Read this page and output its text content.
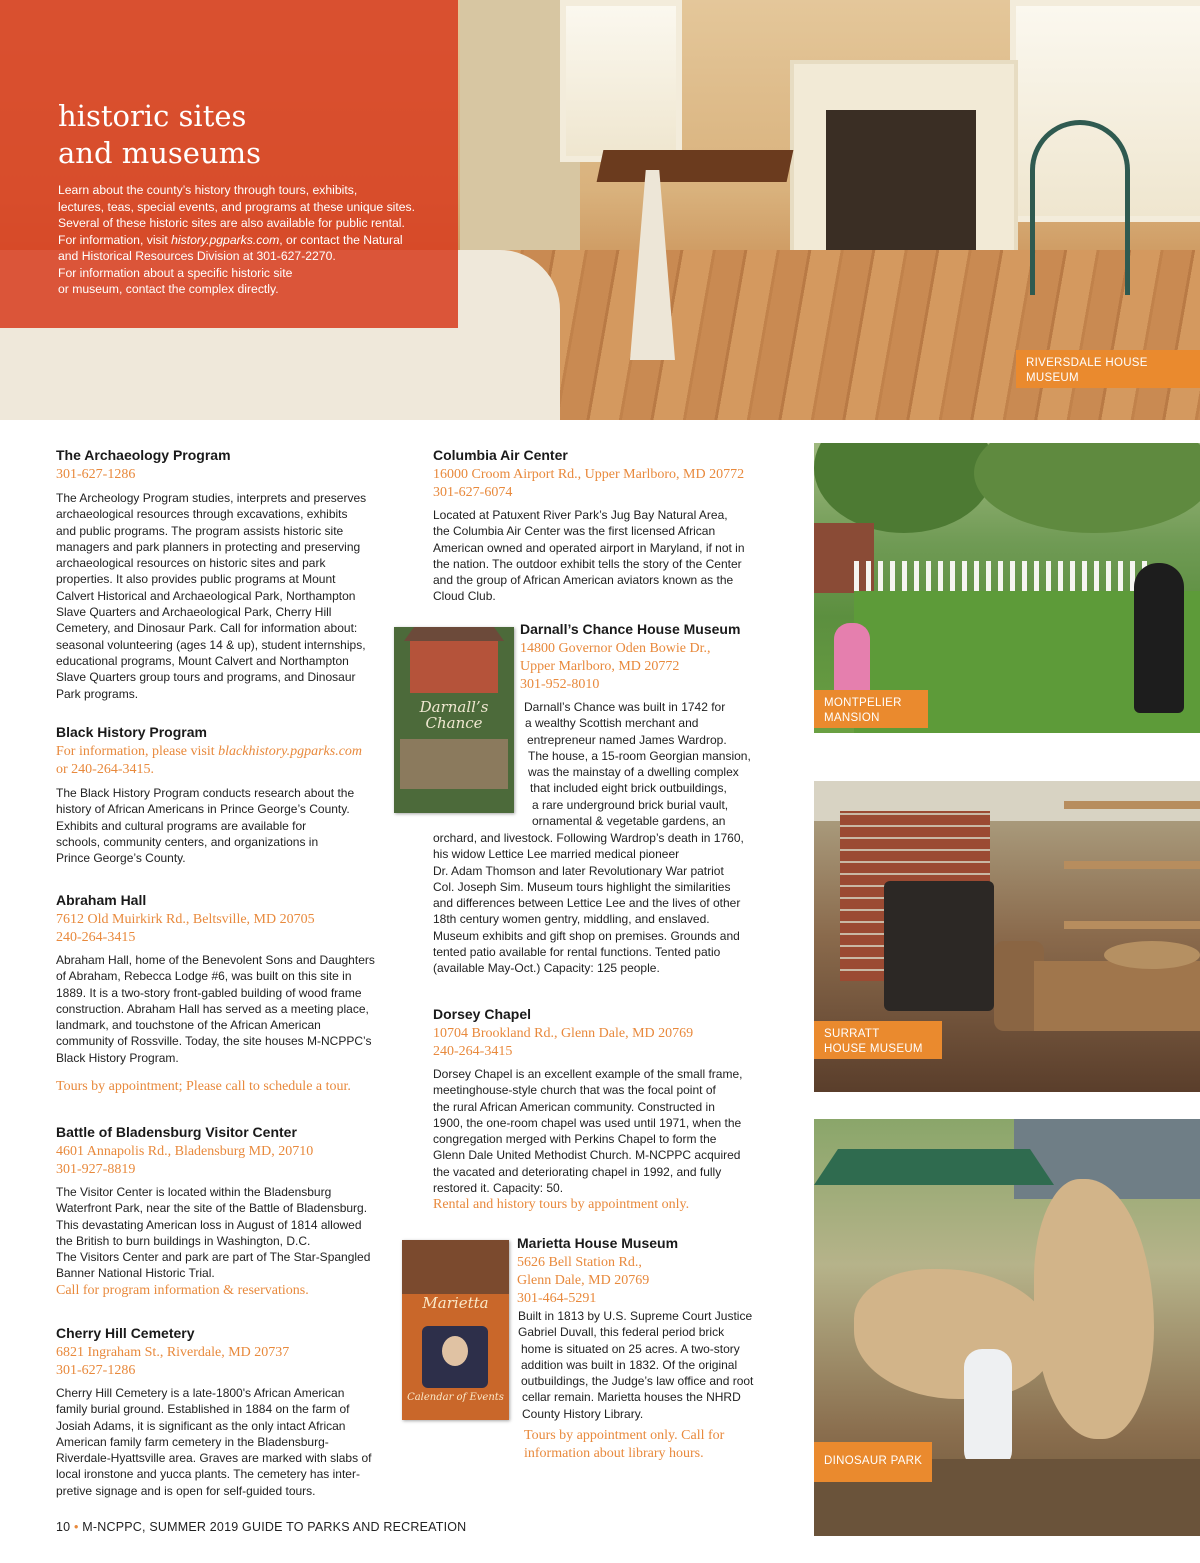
historic sites
and museums
Learn about the county’s history through tours, exhibits,
lectures, teas, special events, and programs at these unique sites.
Several of these historic sites are also available for public rental.
For information, visit history.pgparks.com, or contact the Natural
and Historical Resources Division at 301-627-2270.
For information about a specific historic site
or museum, contact the complex directly.
RIVERSDALE HOUSE
MUSEUM
The Archaeology Program
301-627-1286
The Archeology Program studies, interprets and preserves
archaeological resources through excavations, exhibits
and public programs. The program assists historic site
managers and park planners in protecting and preserving
archaeological resources on historic sites and park
properties. It also provides public programs at Mount
Calvert Historical and Archaeological Park, Northampton
Slave Quarters and Archaeological Park, Cherry Hill
Cemetery, and Dinosaur Park. Call for information about:
seasonal volunteering (ages 14 & up), student internships,
educational programs, Mount Calvert and Northampton
Slave Quarters group tours and programs, and Dinosaur
Park programs.
Black History Program
For information, please visit blackhistory.pgparks.com
or 240-264-3415.
The Black History Program conducts research about the
history of African Americans in Prince George’s County.
Exhibits and cultural programs are available for
schools, community centers, and organizations in
Prince George’s County.
Abraham Hall
7612 Old Muirkirk Rd., Beltsville, MD 20705
240-264-3415
Abraham Hall, home of the Benevolent Sons and Daughters
of Abraham, Rebecca Lodge #6, was built on this site in
1889. It is a two-story front-gabled building of wood frame
construction. Abraham Hall has served as a meeting place,
landmark, and touchstone of the African American
community of Rossville. Today, the site houses M-NCPPC’s
Black History Program.
Tours by appointment; Please call to schedule a tour.
Battle of Bladensburg Visitor Center
4601 Annapolis Rd., Bladensburg MD, 20710
301-927-8819
The Visitor Center is located within the Bladensburg
Waterfront Park, near the site of the Battle of Bladensburg.
This devastating American loss in August of 1814 allowed
the British to burn buildings in Washington, D.C.
The Visitors Center and park are part of The Star-Spangled
Banner National Historic Trial.
Call for program information & reservations.
Cherry Hill Cemetery
6821 Ingraham St., Riverdale, MD 20737
301-627-1286
Cherry Hill Cemetery is a late-1800's African American
family burial ground. Established in 1884 on the farm of
Josiah Adams, it is significant as the only intact African
American family farm cemetery in the Bladensburg-
Riverdale-Hyattsville area. Graves are marked with slabs of
local ironstone and yucca plants. The cemetery has inter-
pretive signage and is open for self-guided tours.
Columbia Air Center
16000 Croom Airport Rd., Upper Marlboro, MD 20772
301-627-6074
Located at Patuxent River Park’s Jug Bay Natural Area,
the Columbia Air Center was the first licensed African
American owned and operated airport in Maryland, if not in
the nation. The outdoor exhibit tells the story of the Center
and the group of African American aviators known as the
Cloud Club.
Darnall’s Chance
Darnall’s Chance House Museum
14800 Governor Oden Bowie Dr.,
Upper Marlboro, MD 20772
301-952-8010
Darnall’s Chance was built in 1742 for
a wealthy Scottish merchant and
entrepreneur named James Wardrop.
The house, a 15-room Georgian mansion,
was the mainstay of a dwelling complex
that included eight brick outbuildings,
a rare underground brick burial vault,
ornamental & vegetable gardens, an
orchard, and livestock. Following Wardrop’s death in 1760,
his widow Lettice Lee married medical pioneer
Dr. Adam Thomson and later Revolutionary War patriot
Col. Joseph Sim. Museum tours highlight the similarities
and differences between Lettice Lee and the lives of other
18th century women gentry, middling, and enslaved.
Museum exhibits and gift shop on premises. Grounds and
tented patio available for rental functions. Tented patio
(available May-Oct.) Capacity: 125 people.
Dorsey Chapel
10704 Brookland Rd., Glenn Dale, MD 20769
240-264-3415
Dorsey Chapel is an excellent example of the small frame,
meetinghouse-style church that was the focal point of
the rural African American community. Constructed in
1900, the one-room chapel was used until 1971, when the
congregation merged with Perkins Chapel to form the
Glenn Dale United Methodist Church. M-NCPPC acquired
the vacated and deteriorating chapel in 1992, and fully
restored it. Capacity: 50.
Rental and history tours by appointment only.
Marietta
Calendar of Events
Marietta House Museum
5626 Bell Station Rd.,
Glenn Dale, MD 20769
301-464-5291
Built in 1813 by U.S. Supreme Court Justice
Gabriel Duvall, this federal period brick
home is situated on 25 acres. A two-story
addition was built in 1832. Of the original
outbuildings, the Judge’s law office and root
cellar remain. Marietta houses the NHRD
County History Library.
Tours by appointment only. Call for
information about library hours.
MONTPELIER
MANSION
SURRATT
HOUSE MUSEUM
DINOSAUR PARK
10 • M-NCPPC, SUMMER 2019 GUIDE TO PARKS AND RECREATION
